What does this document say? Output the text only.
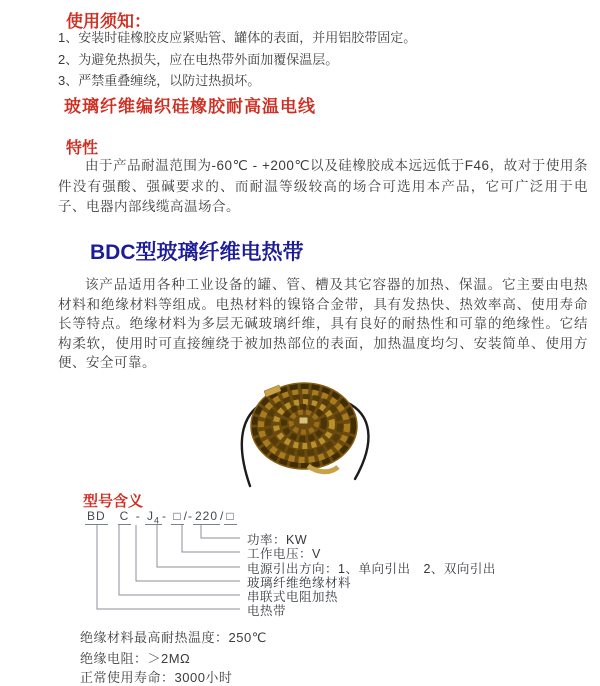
使用须知：
1、安装时硅橡胶皮应紧贴管、罐体的表面，并用铝胶带固定。
2、为避免热损失，应在电热带外面加覆保温层。
3、严禁重叠缠绕，以防过热损坏。
玻璃纤维编织硅橡胶耐高温电线
特性
由于产品耐温范围为-60℃ - +200℃以及硅橡胶成本远远低于F46，故对于使用条件没有强酸、强碱要求的、而耐温等级较高的场合可选用本产品，它可广泛用于电子、电器内部线缆高温场合。
BDC型玻璃纤维电热带
该产品适用各种工业设备的罐、管、槽及其它容器的加热、保温。它主要由电热材料和绝缘材料等组成。电热材料的镍铬合金带，具有发热快、热效率高、使用寿命长等特点。绝缘材料为多层无碱玻璃纤维，具有良好的耐热性和可靠的绝缘性。它结构柔软，使用时可直接缠绕于被加热部位的表面，加热温度均匀、安装简单、使用方便、安全可靠。
型号含义
BD C - $J_4$ - □ /- 220 / □
功率：KW
工作电压：V
电源引出方向：1、单向引出　2、双向引出
玻璃纤维绝缘材料
串联式电阻加热
电热带
绝缘材料最高耐热温度：250℃
绝缘电阻：＞2MΩ
正常使用寿命：3000小时
